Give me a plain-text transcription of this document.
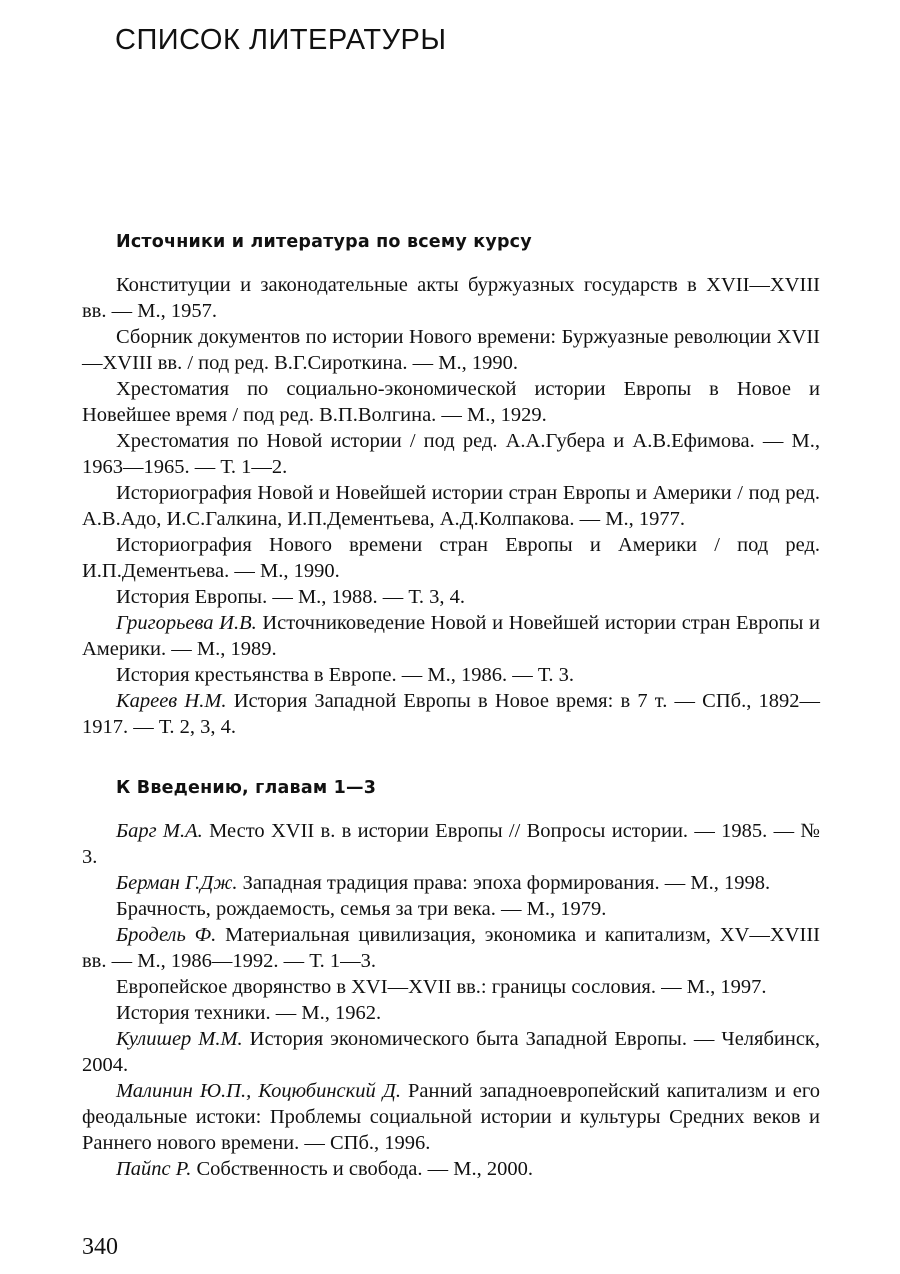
СПИСОК ЛИТЕРАТУРЫ
Источники и литература по всему курсу

Конституции и законодательные акты буржуазных государств в XVII—XVIII вв. — М., 1957.

Сборник документов по истории Нового времени: Буржуазные революции XVII—XVIII вв. / под ред. В.Г.Сироткина. — М., 1990.

Хрестоматия по социально-экономической истории Европы в Новое и Новейшее время / под ред. В.П.Волгина. — М., 1929.

Хрестоматия по Новой истории / под ред. А.А.Губера и А.В.Ефимова. — М., 1963—1965. — Т. 1—2.

Историография Новой и Новейшей истории стран Европы и Америки / под ред. А.В.Адо, И.С.Галкина, И.П.Дементьева, А.Д.Колпакова. — М., 1977.

Историография Нового времени стран Европы и Америки / под ред. И.П.Дементьева. — М., 1990.

История Европы. — М., 1988. — Т. 3, 4.

Григорьева И.В. Источниковедение Новой и Новейшей истории стран Европы и Америки. — М., 1989.

История крестьянства в Европе. — М., 1986. — Т. 3.

Кареев Н.М. История Западной Европы в Новое время: в 7 т. — СПб., 1892—1917. — Т. 2, 3, 4.

К Введению, главам 1—3

Барг М.А. Место XVII в. в истории Европы // Вопросы истории. — 1985. — № 3.

Берман Г.Дж. Западная традиция права: эпоха формирования. — М., 1998.

Брачность, рождаемость, семья за три века. — М., 1979.

Бродель Ф. Материальная цивилизация, экономика и капитализм, XV—XVIII вв. — М., 1986—1992. — Т. 1—3.

Европейское дворянство в XVI—XVII вв.: границы сословия. — М., 1997.

История техники. — М., 1962.

Кулишер М.М. История экономического быта Западной Европы. — Челябинск, 2004.

Малинин Ю.П., Коцюбинский Д. Ранний западноевропейский капитализм и его феодальные истоки: Проблемы социальной истории и культуры Средних веков и Раннего нового времени. — СПб., 1996.

Пайпс Р. Собственность и свобода. — М., 2000.

340
